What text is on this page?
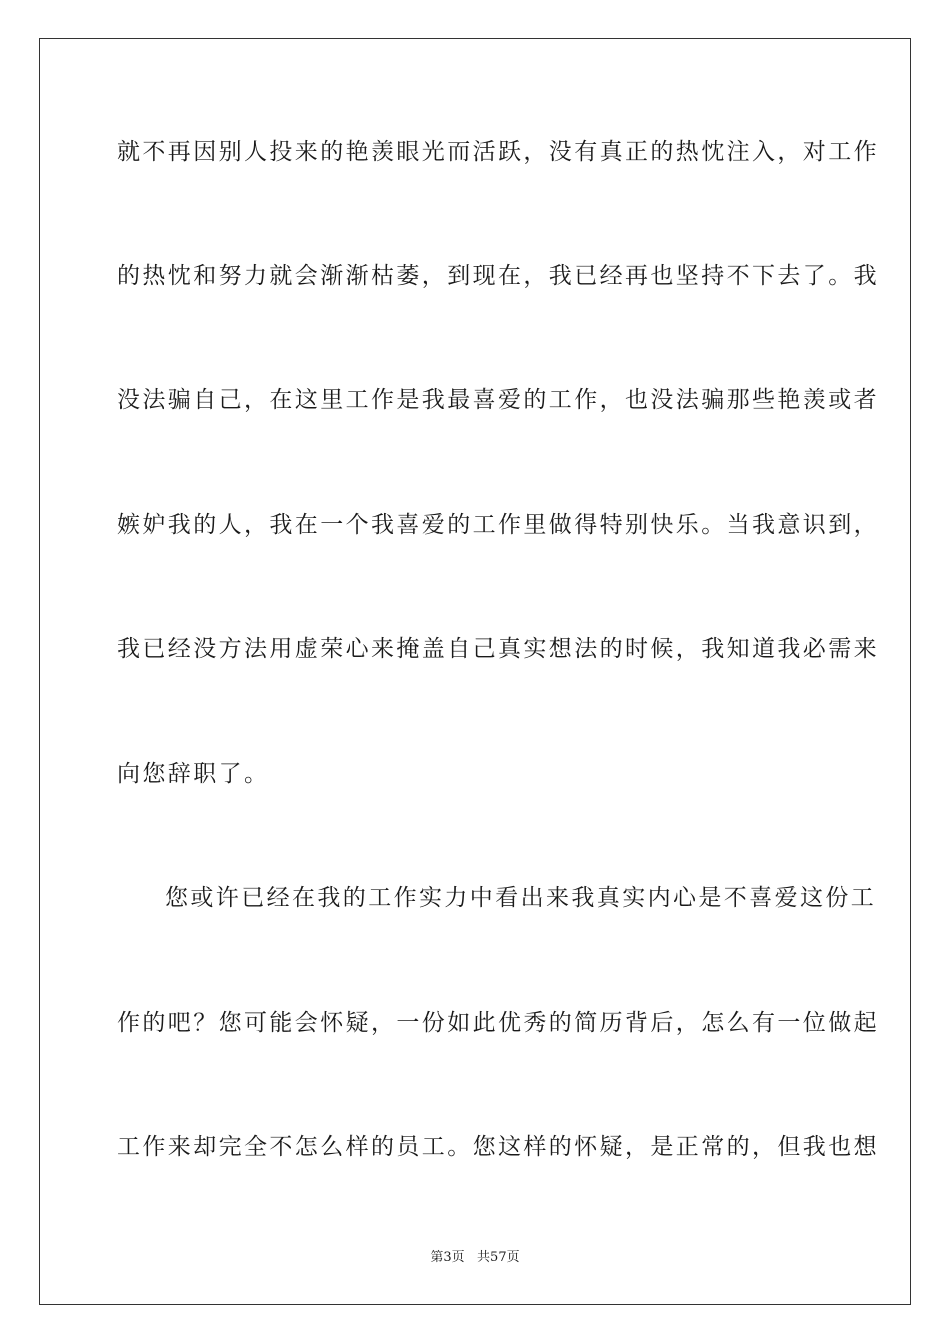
就不再因别人投来的艳羡眼光而活跃，没有真正的热忱注入，对工作
的热忱和努力就会渐渐枯萎，到现在，我已经再也坚持不下去了。我
没法骗自己，在这里工作是我最喜爱的工作，也没法骗那些艳羡或者
嫉妒我的人，我在一个我喜爱的工作里做得特别快乐。当我意识到，
我已经没方法用虚荣心来掩盖自己真实想法的时候，我知道我必需来
向您辞职了。
您或许已经在我的工作实力中看出来我真实内心是不喜爱这份工
作的吧？您可能会怀疑，一份如此优秀的简历背后，怎么有一位做起
工作来却完全不怎么样的员工。您这样的怀疑，是正常的，但我也想
第3页   共57页
